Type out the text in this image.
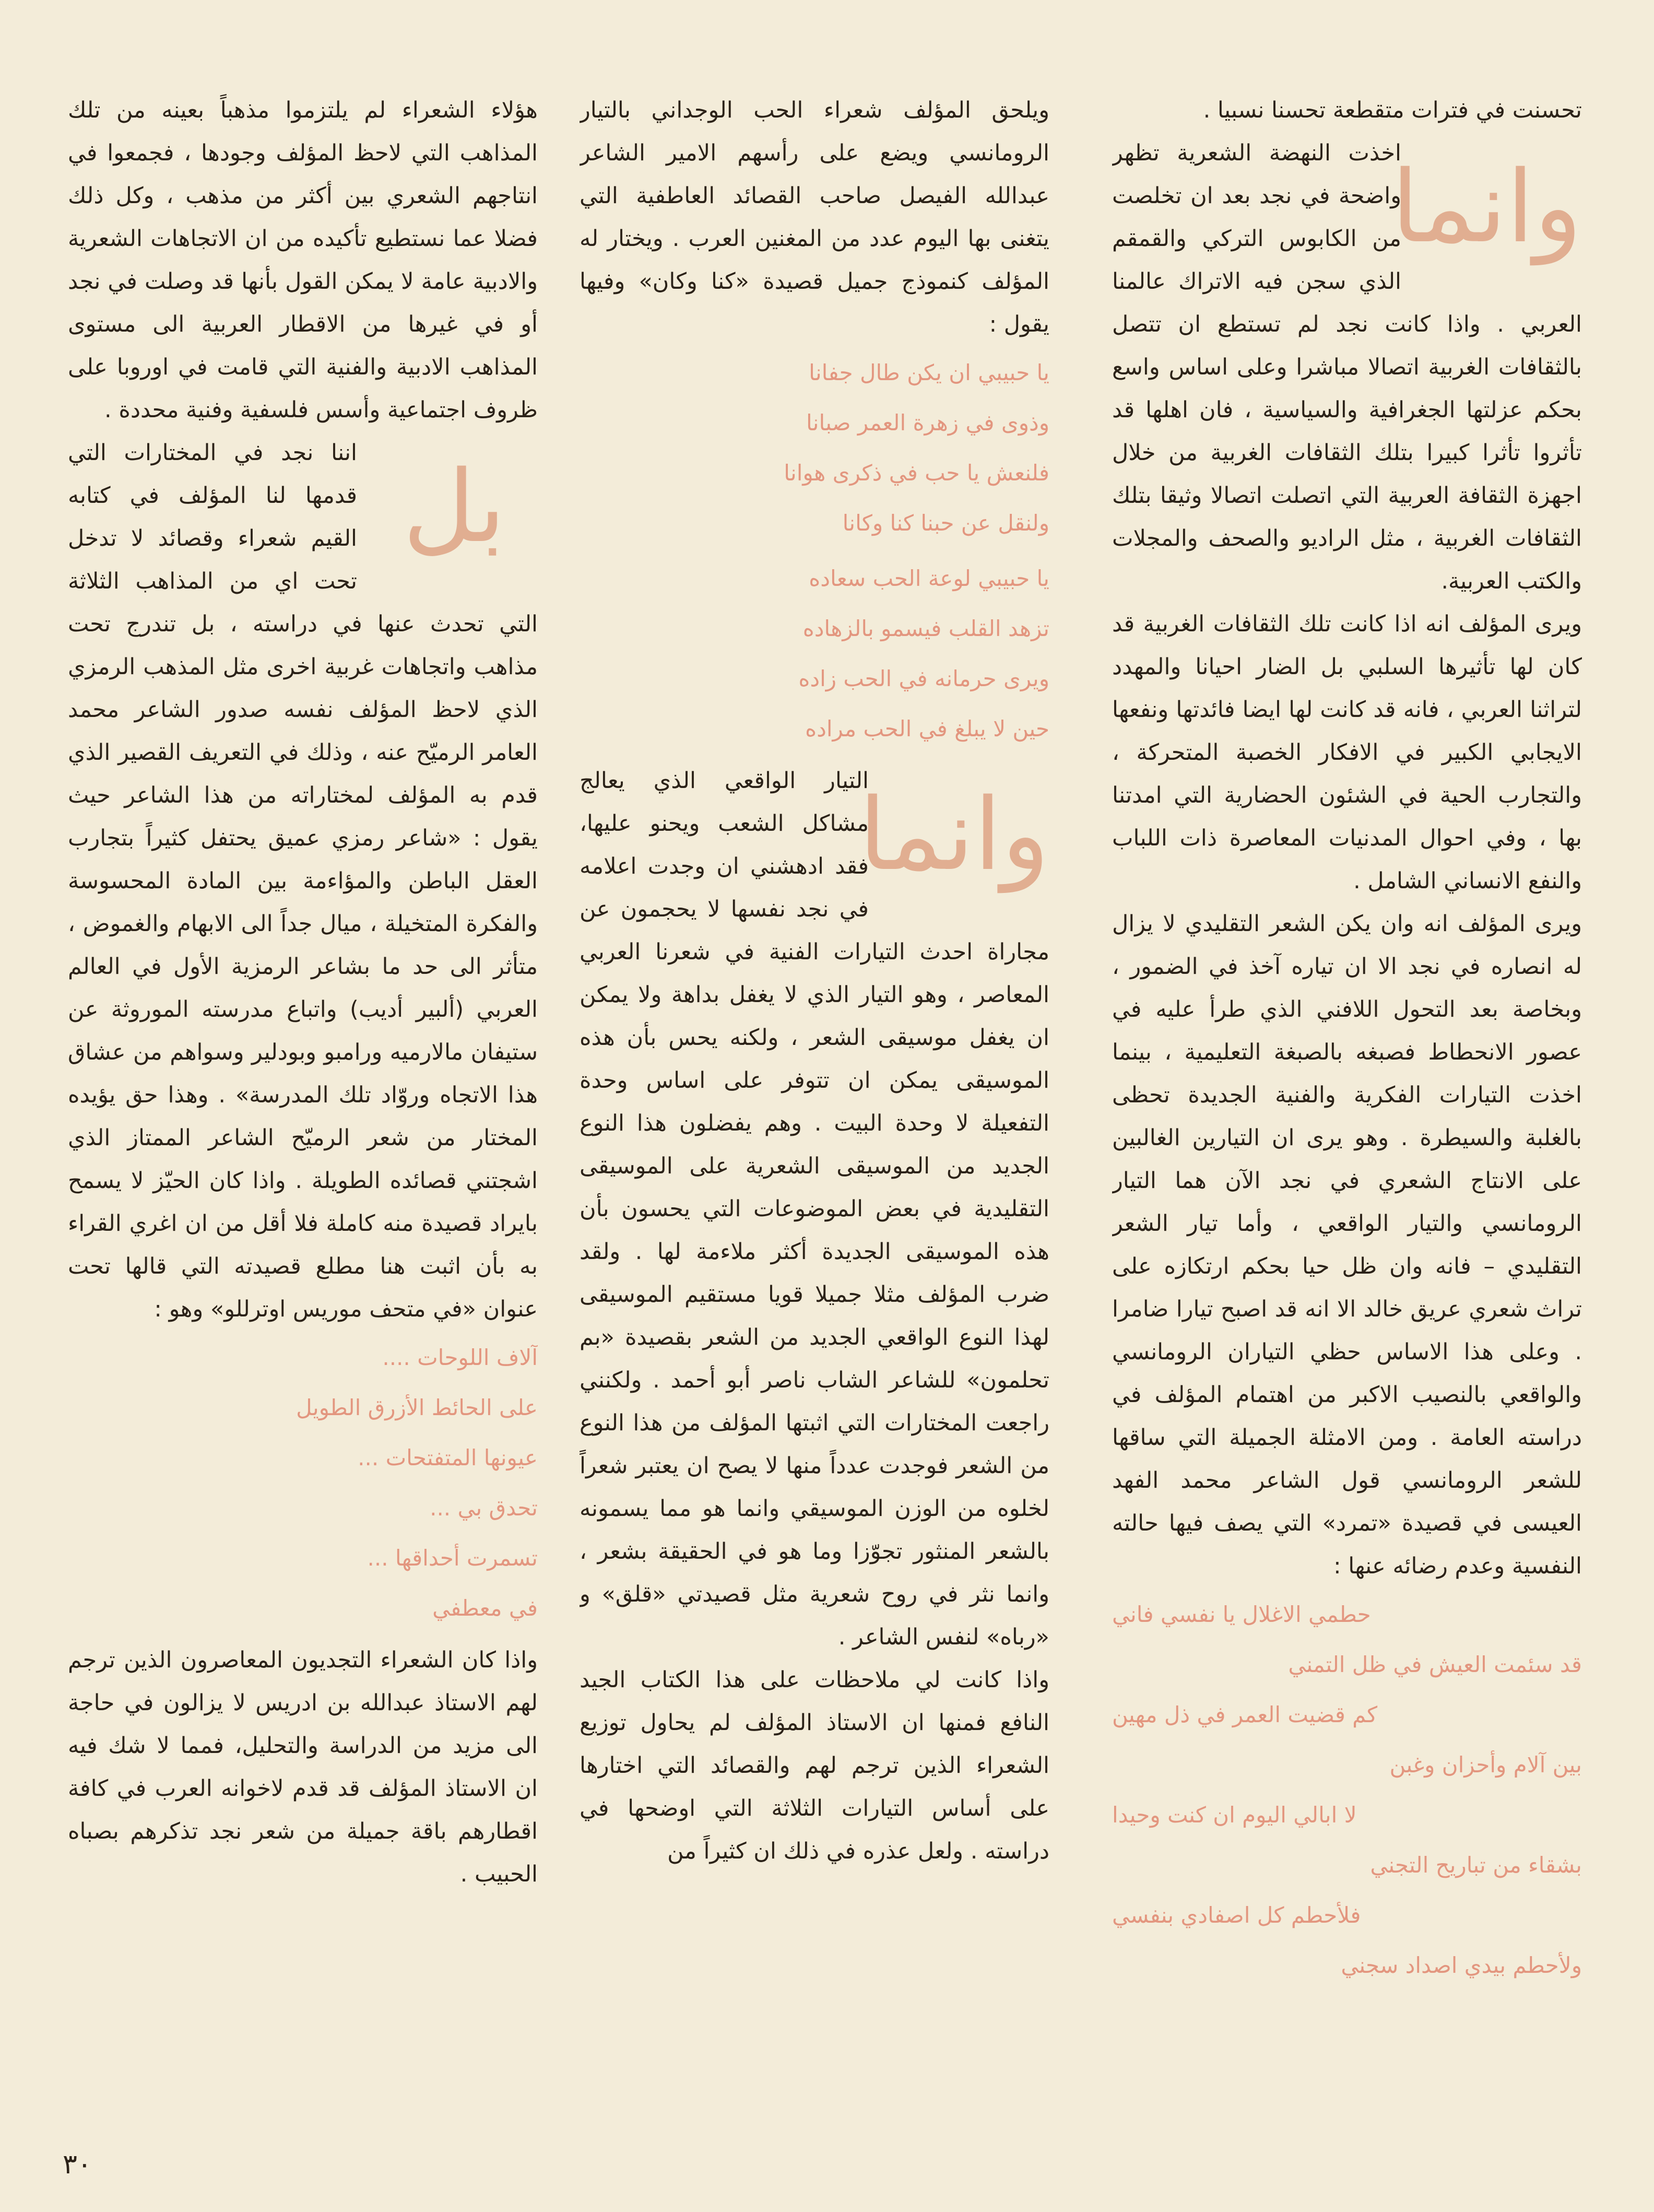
تحسنت في فترات متقطعة تحسنا نسبيا .

وانما

اخذت النهضة الشعرية تظهر واضحة في نجد بعد ان تخلصت من الكابوس التركي والقمقم الذي سجن فيه الاتراك عالمنا العربي . واذا كانت نجد لم تستطع ان تتصل بالثقافات الغربية اتصالا مباشرا وعلى اساس واسع بحكم عزلتها الجغرافية والسياسية ، فان اهلها قد تأثروا تأثرا كبيرا بتلك الثقافات الغربية من خلال اجهزة الثقافة العربية التي اتصلت اتصالا وثيقا بتلك الثقافات الغربية ، مثل الراديو والصحف والمجلات والكتب العربية.

ويرى المؤلف انه اذا كانت تلك الثقافات الغربية قد كان لها تأثيرها السلبي بل الضار احيانا والمهدد لتراثنا العربي ، فانه قد كانت لها ايضا فائدتها ونفعها الايجابي الكبير في الافكار الخصبة المتحركة ، والتجارب الحية في الشئون الحضارية التي امدتنا بها ، وفي احوال المدنيات المعاصرة ذات اللباب والنفع الانساني الشامل .

ويرى المؤلف انه وان يكن الشعر التقليدي لا يزال له انصاره في نجد الا ان تياره آخذ في الضمور ، وبخاصة بعد التحول اللافني الذي طرأ عليه في عصور الانحطاط فصبغه بالصبغة التعليمية ، بينما اخذت التيارات الفكرية والفنية الجديدة تحظى بالغلبة والسيطرة . وهو يرى ان التيارين الغالبين على الانتاج الشعري في نجد الآن هما التيار الرومانسي والتيار الواقعي ، وأما تيار الشعر التقليدي – فانه وان ظل حيا بحكم ارتكازه على تراث شعري عريق خالد الا انه قد اصبح تيارا ضامرا . وعلى هذا الاساس حظي التياران الرومانسي والواقعي بالنصيب الاكبر من اهتمام المؤلف في دراسته العامة . ومن الامثلة الجميلة التي ساقها للشعر الرومانسي قول الشاعر محمد الفهد العيسى في قصيدة «تمرد» التي يصف فيها حالته النفسية وعدم رضائه عنها :

حطمي الاغلال يا نفسي فاني

قد سئمت العيش في ظل التمني

كم قضيت العمر في ذل مهين

بين آلام وأحزان وغبن

لا ابالي اليوم ان كنت وحيدا

بشقاء من تباريح التجني

فلأحطم كل اصفادي بنفسي

ولأحطم بيدي اصداد سجني

ويلحق المؤلف شعراء الحب الوجداني بالتيار الرومانسي ويضع على رأسهم الامير الشاعر عبدالله الفيصل صاحب القصائد العاطفية التي يتغنى بها اليوم عدد من المغنين العرب . ويختار له المؤلف كنموذج جميل قصيدة «كنا وكان» وفيها يقول :

يا حبيبي ان يكن طال جفانا

وذوى في زهرة العمر صبانا

فلنعش يا حب في ذكرى هوانا

ولنقل عن حبنا كنا وكانا

يا حبيبي لوعة الحب سعاده

تزهد القلب فيسمو بالزهاده

ويرى حرمانه في الحب زاده

حين لا يبلغ في الحب مراده

وانما

التيار الواقعي الذي يعالج مشاكل الشعب ويحنو عليها، فقد ادهشني ان وجدت اعلامه في نجد نفسها لا يحجمون عن مجاراة احدث التيارات الفنية في شعرنا العربي المعاصر ، وهو التيار الذي لا يغفل بداهة ولا يمكن ان يغفل موسيقى الشعر ، ولكنه يحس بأن هذه الموسيقى يمكن ان تتوفر على اساس وحدة التفعيلة لا وحدة البيت . وهم يفضلون هذا النوع الجديد من الموسيقى الشعرية على الموسيقى التقليدية في بعض الموضوعات التي يحسون بأن هذه الموسيقى الجديدة أكثر ملاءمة لها . ولقد ضرب المؤلف مثلا جميلا قويا مستقيم الموسيقى لهذا النوع الواقعي الجديد من الشعر بقصيدة «بم تحلمون» للشاعر الشاب ناصر أبو أحمد . ولكنني راجعت المختارات التي اثبتها المؤلف من هذا النوع من الشعر فوجدت عدداً منها لا يصح ان يعتبر شعراً لخلوه من الوزن الموسيقي وانما هو مما يسمونه بالشعر المنثور تجوّزا وما هو في الحقيقة بشعر ، وانما نثر في روح شعرية مثل قصيدتي «قلق» و «رباه» لنفس الشاعر .

واذا كانت لي ملاحظات على هذا الكتاب الجيد النافع فمنها ان الاستاذ المؤلف لم يحاول توزيع الشعراء الذين ترجم لهم والقصائد التي اختارها على أساس التيارات الثلاثة التي اوضحها في دراسته . ولعل عذره في ذلك ان كثيراً من

هؤلاء الشعراء لم يلتزموا مذهباً بعينه من تلك المذاهب التي لاحظ المؤلف وجودها ، فجمعوا في انتاجهم الشعري بين أكثر من مذهب ، وكل ذلك فضلا عما نستطيع تأكيده من ان الاتجاهات الشعرية والادبية عامة لا يمكن القول بأنها قد وصلت في نجد أو في غيرها من الاقطار العربية الى مستوى المذاهب الادبية والفنية التي قامت في اوروبا على ظروف اجتماعية وأسس فلسفية وفنية محددة .

بل

اننا نجد في المختارات التي قدمها لنا المؤلف في كتابه القيم شعراء وقصائد لا تدخل تحت اي من المذاهب الثلاثة التي تحدث عنها في دراسته ، بل تندرج تحت مذاهب واتجاهات غربية اخرى مثل المذهب الرمزي الذي لاحظ المؤلف نفسه صدور الشاعر محمد العامر الرميّح عنه ، وذلك في التعريف القصير الذي قدم به المؤلف لمختاراته من هذا الشاعر حيث يقول : «شاعر رمزي عميق يحتفل كثيراً بتجارب العقل الباطن والمؤاءمة بين المادة المحسوسة والفكرة المتخيلة ، ميال جداً الى الابهام والغموض ، متأثر الى حد ما بشاعر الرمزية الأول في العالم العربي (ألبير أديب) واتباع مدرسته الموروثة عن ستيفان مالارميه ورامبو وبودلير وسواهم من عشاق هذا الاتجاه وروّاد تلك المدرسة» . وهذا حق يؤيده المختار من شعر الرميّح الشاعر الممتاز الذي اشجتني قصائده الطويلة . واذا كان الحيّز لا يسمح بايراد قصيدة منه كاملة فلا أقل من ان اغري القراء به بأن اثبت هنا مطلع قصيدته التي قالها تحت عنوان «في متحف موريس اوترللو» وهو :

آلاف اللوحات ....

على الحائط الأزرق الطويل

عيونها المتفتحات ...

تحدق بي ...

تسمرت أحداقها ...

في معطفي

واذا كان الشعراء التجديون المعاصرون الذين ترجم لهم الاستاذ عبدالله بن ادريس لا يزالون في حاجة الى مزيد من الدراسة والتحليل، فمما لا شك فيه ان الاستاذ المؤلف قد قدم لاخوانه العرب في كافة اقطارهم باقة جميلة من شعر نجد تذكرهم بصباه الحبيب .

٣٠
